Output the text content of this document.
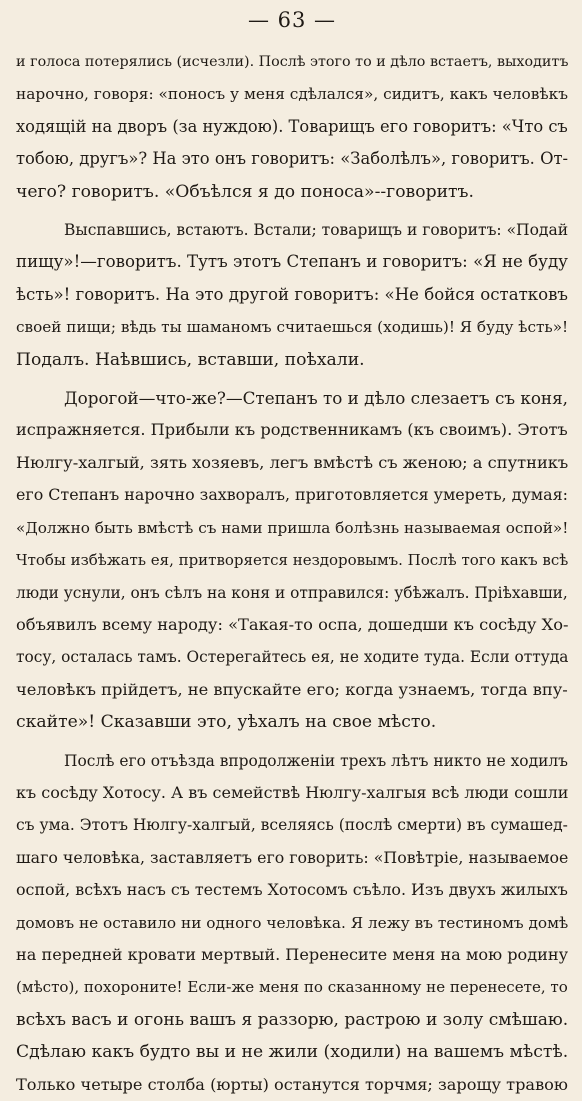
— 63 —

и голоса потерялись (исчезли). Послѣ этого то и дѣло встаетъ, выходитъ
нарочно, говоря: «поносъ у меня сдѣлался», сидитъ, какъ человѣкъ
ходящій на дворъ (за нуждою). Товарищъ его говоритъ: «Что съ
тобою, другъ»? На это онъ говоритъ: «Заболѣлъ», говоритъ. От-
чего? говоритъ. «Объѣлся я до поноса»--говоритъ.

Выспавшись, встаютъ. Встали; товарищъ и говоритъ: «Подай
пищу»!—говоритъ. Тутъ этотъ Степанъ и говоритъ: «Я не буду
ѣсть»! говоритъ. На это другой говоритъ: «Не бойся остатковъ
своей пищи; вѣдь ты шаманомъ считаешься (ходишь)! Я буду ѣсть»!
Подалъ. Наѣвшись, вставши, поѣхали.

Дорогой—что-же?—Степанъ то и дѣло слезаетъ съ коня,
испражняется. Прибыли къ родственникамъ (къ своимъ). Этотъ
Нюлгу-халгый, зять хозяевъ, легъ вмѣстѣ съ женою; а спутникъ
его Степанъ нарочно захворалъ, приготовляется умереть, думая:
«Должно быть вмѣстѣ съ нами пришла болѣзнь называемая оспой»!
Чтобы избѣжать ея, притворяется нездоровымъ. Послѣ того какъ всѣ
люди уснули, онъ сѣлъ на коня и отправился: убѣжалъ. Пріѣхавши,
объявилъ всему народу: «Такая-то оспа, дошедши къ сосѣду Хо-
тосу, осталась тамъ. Остерегайтесь ея, не ходите туда. Если оттуда
человѣкъ прійдетъ, не впускайте его; когда узнаемъ, тогда впу-
скайте»! Сказавши это, уѣхалъ на свое мѣсто.

Послѣ его отъѣзда впродолженіи трехъ лѣтъ никто не ходилъ
къ сосѣду Хотосу. А въ семействѣ Нюлгу-халгыя всѣ люди сошли
съ ума. Этотъ Нюлгу-халгый, вселяясь (послѣ смерти) въ сумашед-
шаго человѣка, заставляетъ его говорить: «Повѣтріе, называемое
оспой, всѣхъ насъ съ тестемъ Хотосомъ съѣло. Изъ двухъ жилыхъ
домовъ не оставило ни одного человѣка. Я лежу въ тестиномъ домѣ
на передней кровати мертвый. Перенесите меня на мою родину
(мѣсто), похороните! Если-же меня по сказанному не перенесете, то
всѣхъ васъ и огонь вашъ я раззорю, растрою и золу смѣшаю.
Сдѣлаю какъ будто вы и не жили (ходили) на вашемъ мѣстѣ.
Только четыре столба (юрты) останутся торчмя; зарощу травою
